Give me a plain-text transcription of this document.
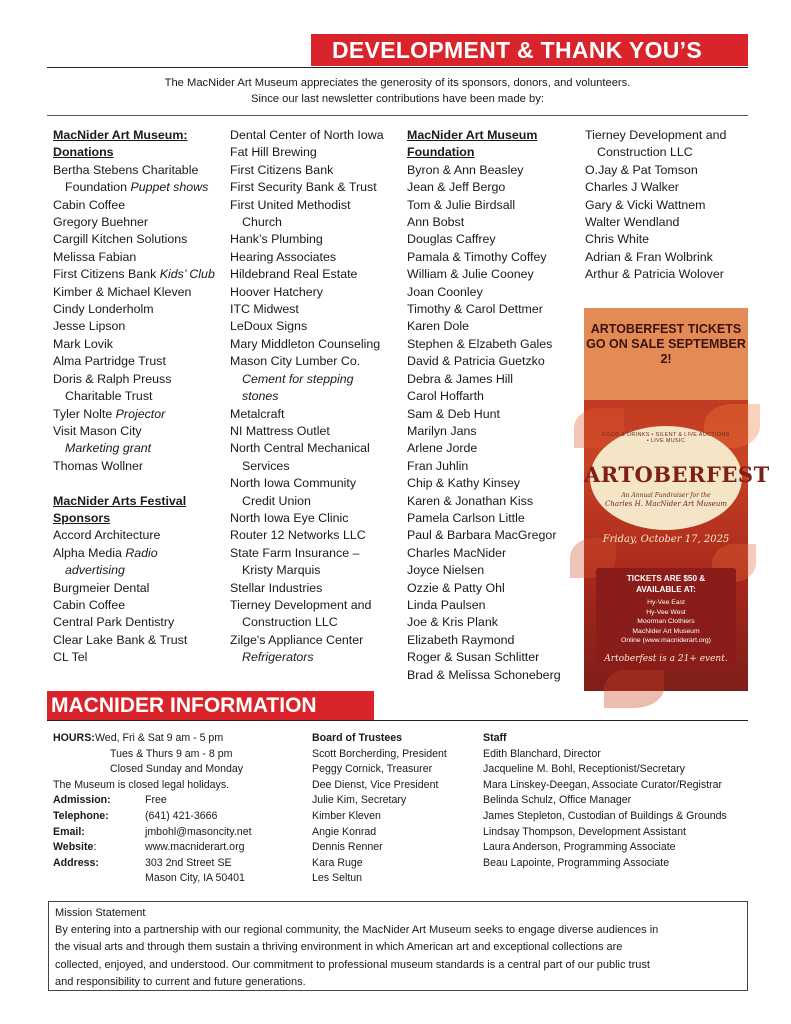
DEVELOPMENT & THANK YOU’S
The MacNider Art Museum appreciates the generosity of its sponsors, donors, and volunteers.
Since our last newsletter contributions have been made by:
MacNider Art Museum:
Donations
Bertha Stebens Charitable
Foundation Puppet shows
Cabin Coffee
Gregory Buehner
Cargill Kitchen Solutions
Melissa Fabian
First Citizens Bank Kids’ Club
Kimber & Michael Kleven
Cindy Londerholm
Jesse Lipson
Mark Lovik
Alma Partridge Trust
Doris & Ralph Preuss
Charitable Trust
Tyler Nolte Projector
Visit Mason City
Marketing grant
Thomas Wollner
MacNider Arts Festival
Sponsors
Accord Architecture
Alpha Media Radio
advertising
Burgmeier Dental
Cabin Coffee
Central Park Dentistry
Clear Lake Bank & Trust
CL Tel
Dental Center of North Iowa
Fat Hill Brewing
First Citizens Bank
First Security Bank & Trust
First United Methodist
Church
Hank’s Plumbing
Hearing Associates
Hildebrand Real Estate
Hoover Hatchery
ITC Midwest
LeDoux Signs
Mary Middleton Counseling
Mason City Lumber Co.
Cement for stepping
stones
Metalcraft
NI Mattress Outlet
North Central Mechanical
Services
North Iowa Community
Credit Union
North Iowa Eye Clinic
Router 12 Networks LLC
State Farm Insurance –
Kristy Marquis
Stellar Industries
Tierney Development and
Construction LLC
Zilge's Appliance Center
Refrigerators
MacNider Art Museum
Foundation
Byron & Ann Beasley
Jean & Jeff Bergo
Tom & Julie Birdsall
Ann Bobst
Douglas Caffrey
Pamala & Timothy Coffey
William & Julie Cooney
Joan Coonley
Timothy & Carol Dettmer
Karen Dole
Stephen & Elzabeth Gales
David & Patricia Guetzko
Debra & James Hill
Carol Hoffarth
Sam & Deb Hunt
Marilyn Jans
Arlene Jorde
Fran Juhlin
Chip & Kathy Kinsey
Karen & Jonathan Kiss
Pamela Carlson Little
Paul & Barbara MacGregor
Charles MacNider
Joyce Nielsen
Ozzie & Patty Ohl
Linda Paulsen
Joe & Kris Plank
Elizabeth Raymond
Roger & Susan Schlitter
Brad & Melissa Schoneberg
Tierney Development and
Construction LLC
O.Jay & Pat Tomson
Charles J Walker
Gary & Vicki Wattnem
Walter Wendland
Chris White
Adrian & Fran Wolbrink
Arthur & Patricia Wolover
ARTOBERFEST TICKETS GO ON SALE SEPTEMBER 2!
FOOD & DRINKS • SILENT & LIVE AUCTIONS • LIVE MUSIC
ARTOBERFEST
An Annual Fundraiser for the
Charles H. MacNider Art Museum
Friday, October 17, 2025
TICKETS ARE $50 &
AVAILABLE AT:
Hy-Vee East
Hy-Vee West
Moorman Clothiers
MacNider Art Museum
Online (www.macniderart.org)
Artoberfest is a 21+ event.
MACNIDER INFORMATION
HOURS: Wed, Fri & Sat 9 am - 5 pm
Tues & Thurs 9 am - 8 pm
Closed Sunday and Monday
The Museum is closed legal holidays.
Admission:	Free
Telephone:	(641) 421-3666
Email:	jmbohl@masoncity.net
Website:	www.macniderart.org
Address:	303 2nd Street SE
Mason City, IA 50401
Board of Trustees
Scott Borcherding, President
Peggy Cornick, Treasurer
Dee Dienst, Vice President
Julie Kim, Secretary
Kimber Kleven
Angie Konrad
Dennis Renner
Kara Ruge
Les Seltun
Staff
Edith Blanchard, Director
Jacqueline M. Bohl, Receptionist/Secretary
Mara Linskey-Deegan, Associate Curator/Registrar
Belinda Schulz, Office Manager
James Stepleton, Custodian of Buildings & Grounds
Lindsay Thompson, Development Assistant
Laura Anderson, Programming Associate
Beau Lapointe, Programming Associate
Mission Statement
By entering into a partnership with our regional community, the MacNider Art Museum seeks to engage diverse audiences in
the visual arts and through them sustain a thriving environment in which American art and exceptional collections are
collected, enjoyed, and understood. Our commitment to professional museum standards is a central part of our public trust
and responsibility to current and future generations.
